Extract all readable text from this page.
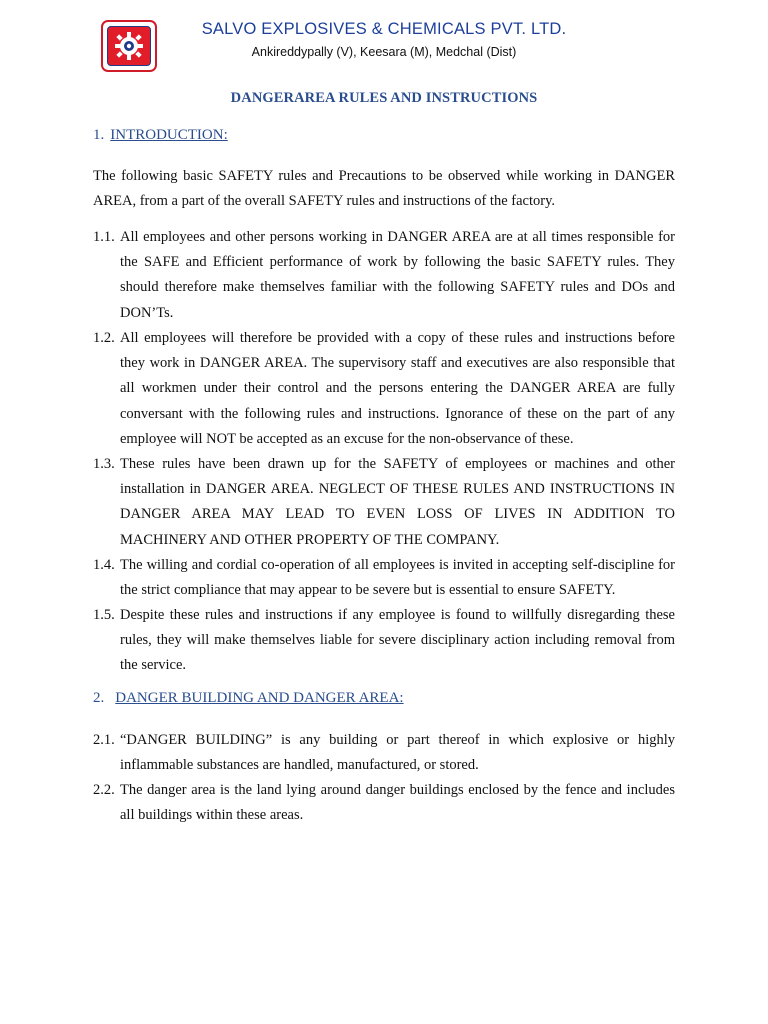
SALVO EXPLOSIVES & CHEMICALS PVT. LTD.
Ankireddypally (V), Keesara (M), Medchal (Dist)
DANGERAREA RULES AND INSTRUCTIONS
1. INTRODUCTION:
The following basic SAFETY rules and Precautions to be observed while working in DANGER AREA, from a part of the overall SAFETY rules and instructions of the factory.
1.1. All employees and other persons working in DANGER AREA are at all times responsible for the SAFE and Efficient performance of work by following the basic SAFETY rules. They should therefore make themselves familiar with the following SAFETY rules and DOs and DON’Ts.
1.2. All employees will therefore be provided with a copy of these rules and instructions before they work in DANGER AREA. The supervisory staff and executives are also responsible that all workmen under their control and the persons entering the DANGER AREA are fully conversant with the following rules and instructions. Ignorance of these on the part of any employee will NOT be accepted as an excuse for the non-observance of these.
1.3. These rules have been drawn up for the SAFETY of employees or machines and other installation in DANGER AREA. NEGLECT OF THESE RULES AND INSTRUCTIONS IN DANGER AREA MAY LEAD TO EVEN LOSS OF LIVES IN ADDITION TO MACHINERY AND OTHER PROPERTY OF THE COMPANY.
1.4. The willing and cordial co-operation of all employees is invited in accepting self-discipline for the strict compliance that may appear to be severe but is essential to ensure SAFETY.
1.5. Despite these rules and instructions if any employee is found to willfully disregarding these rules, they will make themselves liable for severe disciplinary action including removal from the service.
2. DANGER BUILDING AND DANGER AREA:
2.1. “DANGER BUILDING” is any building or part thereof in which explosive or highly inflammable substances are handled, manufactured, or stored.
2.2. The danger area is the land lying around danger buildings enclosed by the fence and includes all buildings within these areas.
